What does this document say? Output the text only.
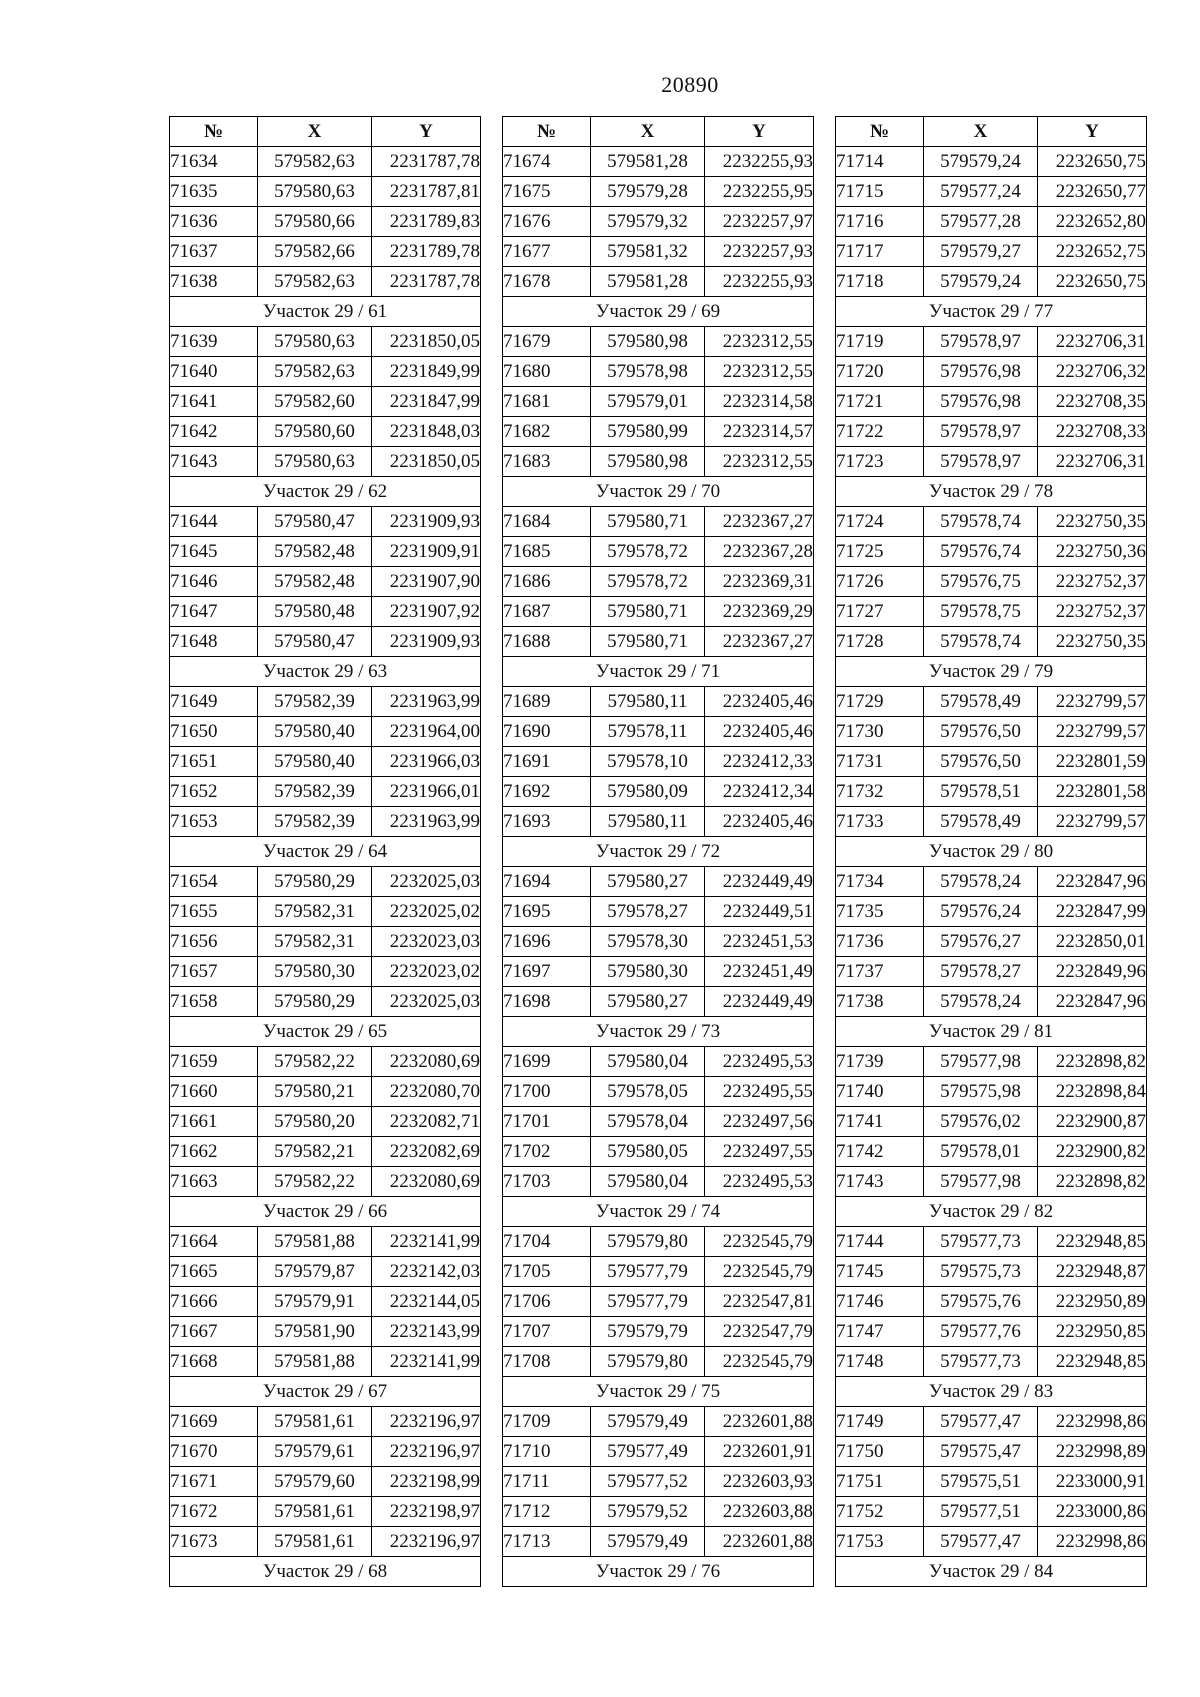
20890
№	X	Y
71634	579582,63	2231787,78
71635	579580,63	2231787,81
71636	579580,66	2231789,83
71637	579582,66	2231789,78
71638	579582,63	2231787,78
Участок 29 / 61		
71639	579580,63	2231850,05
71640	579582,63	2231849,99
71641	579582,60	2231847,99
71642	579580,60	2231848,03
71643	579580,63	2231850,05
Участок 29 / 62		
71644	579580,47	2231909,93
71645	579582,48	2231909,91
71646	579582,48	2231907,90
71647	579580,48	2231907,92
71648	579580,47	2231909,93
Участок 29 / 63		
71649	579582,39	2231963,99
71650	579580,40	2231964,00
71651	579580,40	2231966,03
71652	579582,39	2231966,01
71653	579582,39	2231963,99
Участок 29 / 64		
71654	579580,29	2232025,03
71655	579582,31	2232025,02
71656	579582,31	2232023,03
71657	579580,30	2232023,02
71658	579580,29	2232025,03
Участок 29 / 65		
71659	579582,22	2232080,69
71660	579580,21	2232080,70
71661	579580,20	2232082,71
71662	579582,21	2232082,69
71663	579582,22	2232080,69
Участок 29 / 66		
71664	579581,88	2232141,99
71665	579579,87	2232142,03
71666	579579,91	2232144,05
71667	579581,90	2232143,99
71668	579581,88	2232141,99
Участок 29 / 67		
71669	579581,61	2232196,97
71670	579579,61	2232196,97
71671	579579,60	2232198,99
71672	579581,61	2232198,97
71673	579581,61	2232196,97
Участок 29 / 68		
№	X	Y
71674	579581,28	2232255,93
71675	579579,28	2232255,95
71676	579579,32	2232257,97
71677	579581,32	2232257,93
71678	579581,28	2232255,93
Участок 29 / 69		
71679	579580,98	2232312,55
71680	579578,98	2232312,55
71681	579579,01	2232314,58
71682	579580,99	2232314,57
71683	579580,98	2232312,55
Участок 29 / 70		
71684	579580,71	2232367,27
71685	579578,72	2232367,28
71686	579578,72	2232369,31
71687	579580,71	2232369,29
71688	579580,71	2232367,27
Участок 29 / 71		
71689	579580,11	2232405,46
71690	579578,11	2232405,46
71691	579578,10	2232412,33
71692	579580,09	2232412,34
71693	579580,11	2232405,46
Участок 29 / 72		
71694	579580,27	2232449,49
71695	579578,27	2232449,51
71696	579578,30	2232451,53
71697	579580,30	2232451,49
71698	579580,27	2232449,49
Участок 29 / 73		
71699	579580,04	2232495,53
71700	579578,05	2232495,55
71701	579578,04	2232497,56
71702	579580,05	2232497,55
71703	579580,04	2232495,53
Участок 29 / 74		
71704	579579,80	2232545,79
71705	579577,79	2232545,79
71706	579577,79	2232547,81
71707	579579,79	2232547,79
71708	579579,80	2232545,79
Участок 29 / 75		
71709	579579,49	2232601,88
71710	579577,49	2232601,91
71711	579577,52	2232603,93
71712	579579,52	2232603,88
71713	579579,49	2232601,88
Участок 29 / 76		
№	X	Y
71714	579579,24	2232650,75
71715	579577,24	2232650,77
71716	579577,28	2232652,80
71717	579579,27	2232652,75
71718	579579,24	2232650,75
Участок 29 / 77		
71719	579578,97	2232706,31
71720	579576,98	2232706,32
71721	579576,98	2232708,35
71722	579578,97	2232708,33
71723	579578,97	2232706,31
Участок 29 / 78		
71724	579578,74	2232750,35
71725	579576,74	2232750,36
71726	579576,75	2232752,37
71727	579578,75	2232752,37
71728	579578,74	2232750,35
Участок 29 / 79		
71729	579578,49	2232799,57
71730	579576,50	2232799,57
71731	579576,50	2232801,59
71732	579578,51	2232801,58
71733	579578,49	2232799,57
Участок 29 / 80		
71734	579578,24	2232847,96
71735	579576,24	2232847,99
71736	579576,27	2232850,01
71737	579578,27	2232849,96
71738	579578,24	2232847,96
Участок 29 / 81		
71739	579577,98	2232898,82
71740	579575,98	2232898,84
71741	579576,02	2232900,87
71742	579578,01	2232900,82
71743	579577,98	2232898,82
Участок 29 / 82		
71744	579577,73	2232948,85
71745	579575,73	2232948,87
71746	579575,76	2232950,89
71747	579577,76	2232950,85
71748	579577,73	2232948,85
Участок 29 / 83		
71749	579577,47	2232998,86
71750	579575,47	2232998,89
71751	579575,51	2233000,91
71752	579577,51	2233000,86
71753	579577,47	2232998,86
Участок 29 / 84		
